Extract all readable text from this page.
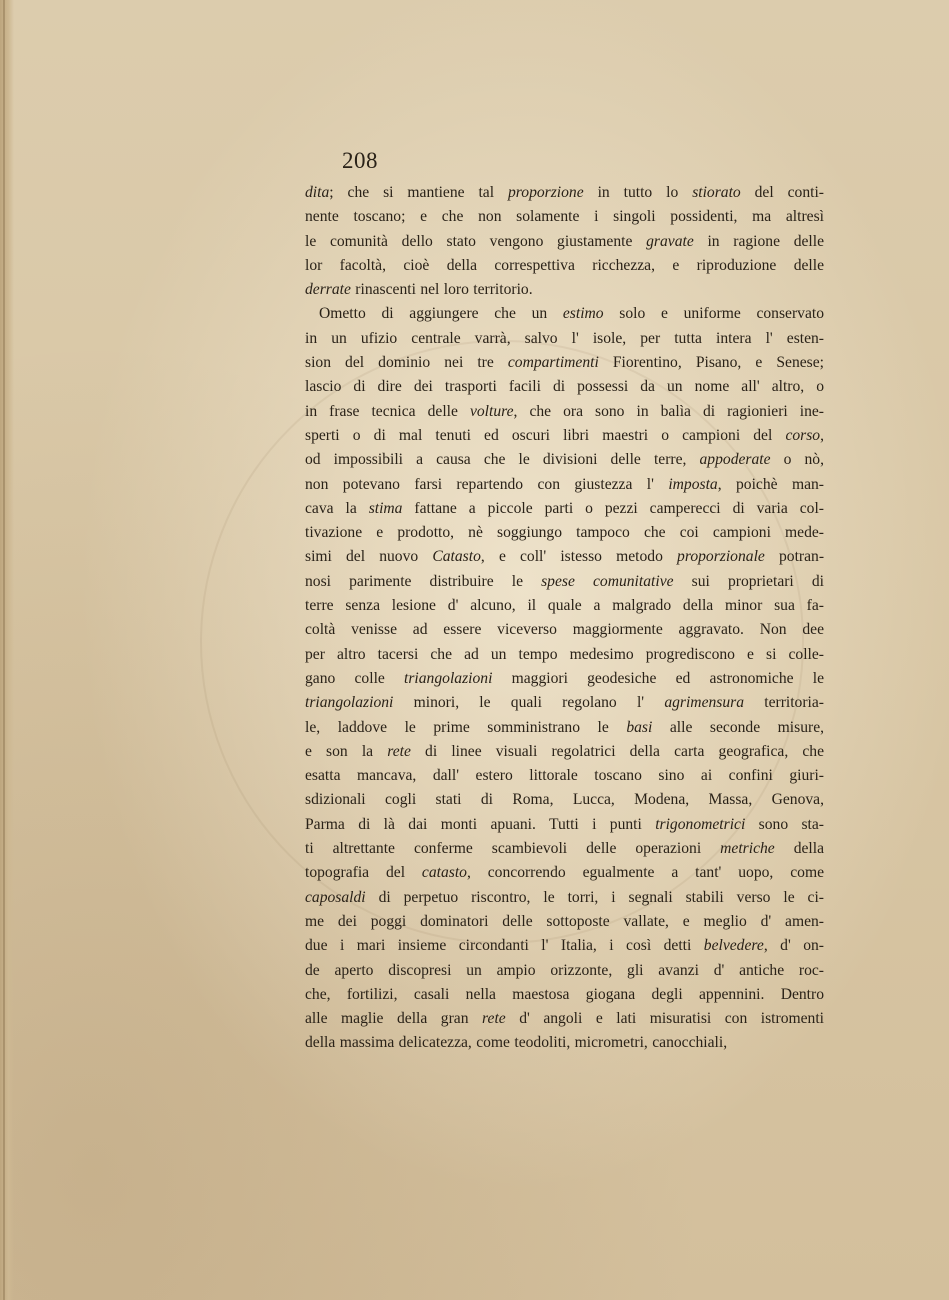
208
dita; che si mantiene tal proporzione in tutto lo stiorato del conti-
nente toscano; e che non solamente i singoli possidenti, ma altresì
le comunità dello stato vengono giustamente gravate in ragione delle
lor facoltà, cioè della correspettiva ricchezza, e riproduzione delle
derrate rinascenti nel loro territorio.
Ometto di aggiungere che un estimo solo e uniforme conservato
in un ufizio centrale varrà, salvo l' isole, per tutta intera l' esten-
sion del dominio nei tre compartimenti Fiorentino, Pisano, e Senese;
lascio di dire dei trasporti facili di possessi da un nome all' altro, o
in frase tecnica delle volture, che ora sono in balìa di ragionieri ine-
sperti o di mal tenuti ed oscuri libri maestri o campioni del corso,
od impossibili a causa che le divisioni delle terre, appoderate o nò,
non potevano farsi repartendo con giustezza l' imposta, poichè man-
cava la stima fattane a piccole parti o pezzi camperecci di varia col-
tivazione e prodotto, nè soggiungo tampoco che coi campioni mede-
simi del nuovo Catasto, e coll' istesso metodo proporzionale potran-
nosi parimente distribuire le spese comunitative sui proprietari di
terre senza lesione d' alcuno, il quale a malgrado della minor sua fa-
coltà venisse ad essere viceverso maggiormente aggravato. Non dee
per altro tacersi che ad un tempo medesimo progrediscono e si colle-
gano colle triangolazioni maggiori geodesiche ed astronomiche le
triangolazioni minori, le quali regolano l' agrimensura territoria-
le, laddove le prime somministrano le basi alle seconde misure,
e son la rete di linee visuali regolatrici della carta geografica, che
esatta mancava, dall' estero littorale toscano sino ai confini giuri-
sdizionali cogli stati di Roma, Lucca, Modena, Massa, Genova,
Parma di là dai monti apuani. Tutti i punti trigonometrici sono sta-
ti altrettante conferme scambievoli delle operazioni metriche della
topografia del catasto, concorrendo egualmente a tant' uopo, come
caposaldi di perpetuo riscontro, le torri, i segnali stabili verso le ci-
me dei poggi dominatori delle sottoposte vallate, e meglio d' amen-
due i mari insieme circondanti l' Italia, i così detti belvedere, d' on-
de aperto discopresi un ampio orizzonte, gli avanzi d' antiche roc-
che, fortilizi, casali nella maestosa giogana degli appennini. Dentro
alle maglie della gran rete d' angoli e lati misuratisi con istromenti
della massima delicatezza, come teodoliti, micrometri, canocchiali,
